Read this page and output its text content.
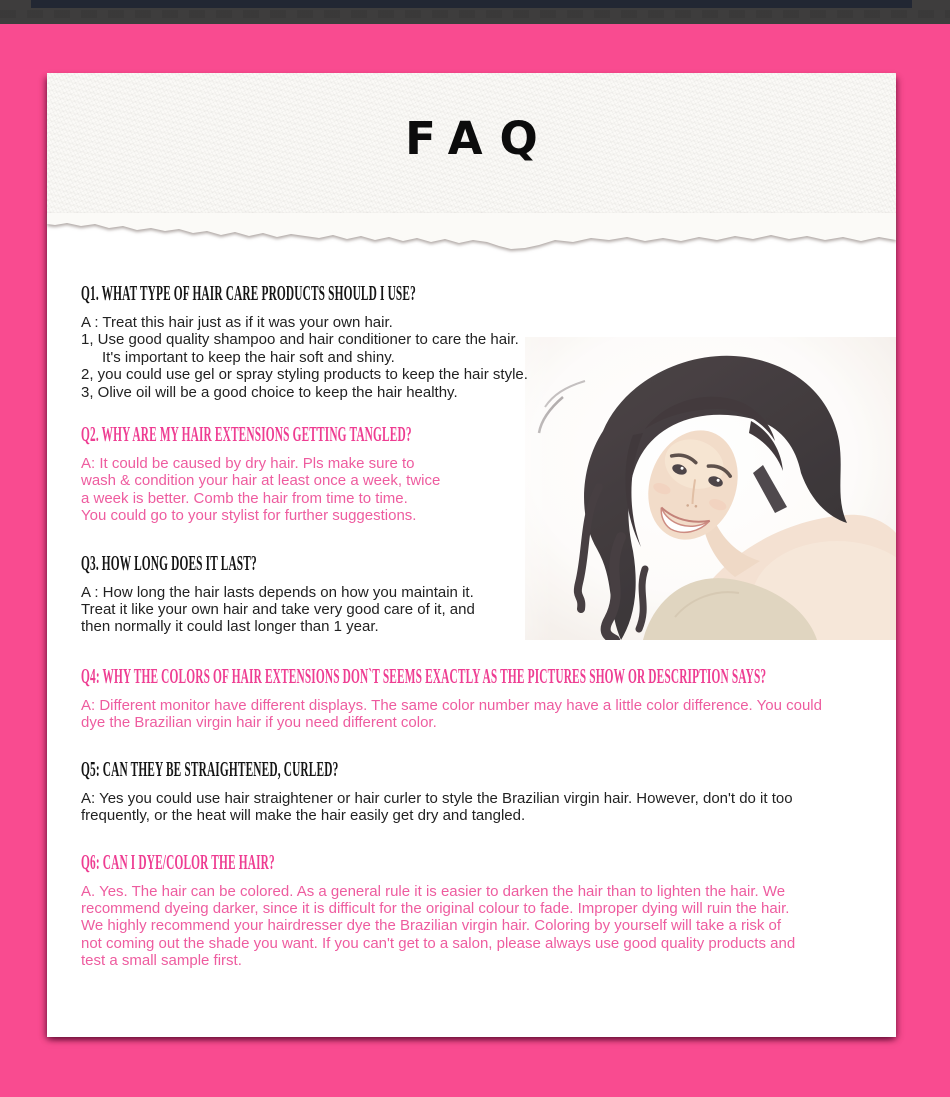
FAQ
Q1. WHAT TYPE OF HAIR CARE PRODUCTS SHOULD I USE?
A : Treat this hair just as if it was your own hair.
1, Use good quality shampoo and hair conditioner to care the hair.
It's important to keep the hair soft and shiny.
2, you could use gel or spray styling products to keep the hair style.
3, Olive oil will be a good choice to keep the hair healthy.
Q2. WHY ARE MY HAIR EXTENSIONS GETTING TANGLED?
A: It could be caused by dry hair. Pls make sure to
wash & condition your hair at least once a week, twice
a week is better. Comb the hair from time to time.
You could go to your stylist for further suggestions.
Q3. HOW LONG DOES IT LAST?
A : How long the hair lasts depends on how you maintain it.
Treat it like your own hair and take very good care of it, and
then normally it could last longer than 1 year.
Q4: WHY THE COLORS OF HAIR EXTENSIONS DON`T SEEMS EXACTLY AS THE PICTURES SHOW OR DESCRIPTION SAYS?
A: Different monitor have different displays. The same color number may have a little color difference. You could
dye the Brazilian virgin hair if you need different color.
Q5: CAN THEY BE STRAIGHTENED, CURLED?
A: Yes you could use hair straightener or hair curler to style the Brazilian virgin hair. However, don't do it too
frequently, or the heat will make the hair easily get dry and tangled.
Q6: CAN I DYE/COLOR THE HAIR?
A. Yes. The hair can be colored. As a general rule it is easier to darken the hair than to lighten the hair. We
recommend dyeing darker, since it is difficult for the original colour to fade. Improper dying will ruin the hair.
We highly recommend your hairdresser dye the Brazilian virgin hair. Coloring by yourself will take a risk of
not coming out the shade you want. If you can't get to a salon, please always use good quality products and
test a small sample first.
